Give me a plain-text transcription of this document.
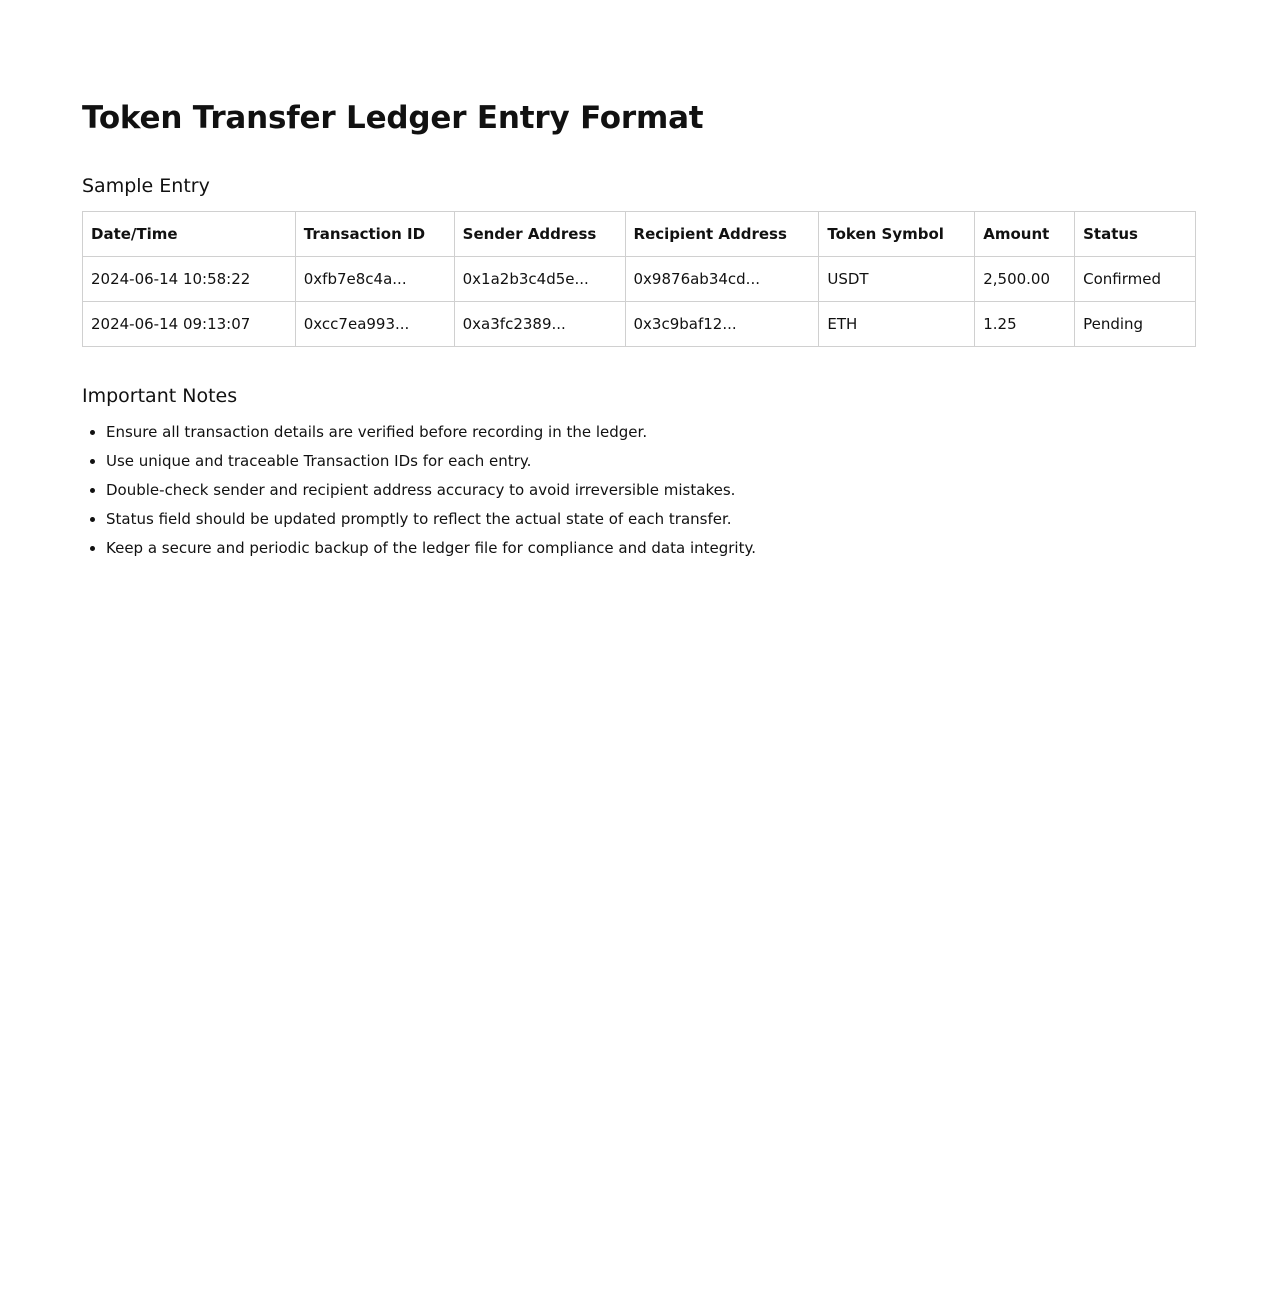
Token Transfer Ledger Entry Format
Sample Entry
Date/Time	Transaction ID	Sender Address	Recipient Address	Token Symbol	Amount	Status
2024-06-14 10:58:22	0xfb7e8c4a...	0x1a2b3c4d5e...	0x9876ab34cd...	USDT	2,500.00	Confirmed
2024-06-14 09:13:07	0xcc7ea993...	0xa3fc2389...	0x3c9baf12...	ETH	1.25	Pending
Important Notes
• Ensure all transaction details are verified before recording in the ledger.
• Use unique and traceable Transaction IDs for each entry.
• Double-check sender and recipient address accuracy to avoid irreversible mistakes.
• Status field should be updated promptly to reflect the actual state of each transfer.
• Keep a secure and periodic backup of the ledger file for compliance and data integrity.
